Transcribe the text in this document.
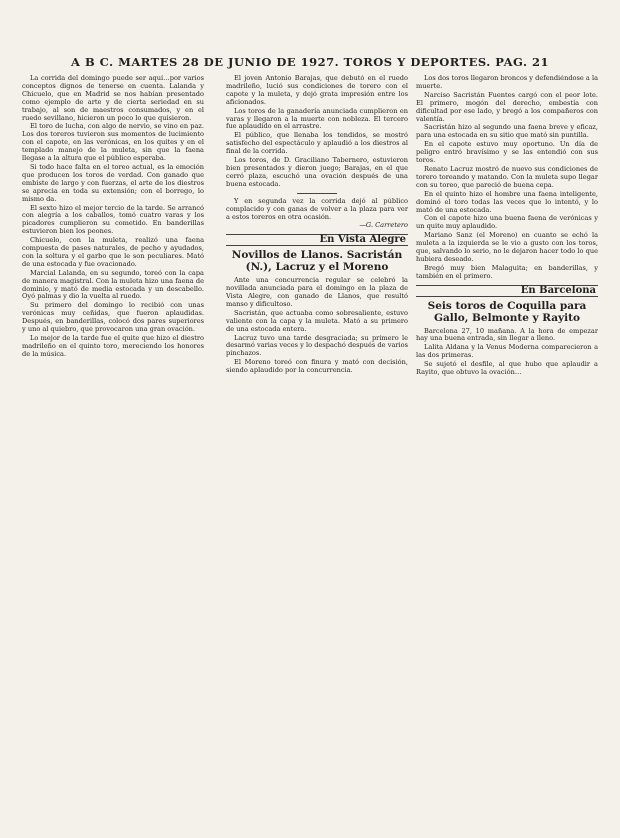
A B C. MARTES 28 DE JUNIO DE 1927. TOROS Y DEPORTES. PAG. 21

La corrida del domingo puede ser aquí…por varios conceptos dignos de tenerse en cuenta. Lalanda y Chicuelo, que en Madrid se nos habían presentado como ejemplo de arte y de cierta seriedad en su trabajo, al son de maestros consumados, y en el ruedo sevillano, hicieron un poco lo que quisieron.

El toro de lucha, con algo de nervio, se vino en paz. Los dos toreros tuvieron sus momentos de lucimiento con el capote, en las verónicas, en los quites y en el templado manejo de la muleta, sin que la faena llegase a la altura que el público esperaba.

Si todo hace falta en el toreo actual, es la emoción que producen los toros de verdad. Con ganado que embiste de largo y con fuerzas, el arte de los diestros se aprecia en toda su extensión; con el borrego, lo mismo da.

El sexto hizo el mejor tercio de la tarde. Se arrancó con alegría a los caballos, tomó cuatro varas y los picadores cumplieron su cometido. En banderillas estuvieron bien los peones.

Chicuelo, con la muleta, realizó una faena compuesta de pases naturales, de pecho y ayudados, con la soltura y el garbo que le son peculiares. Mató de una estocada y fue ovacionado.

Marcial Lalanda, en su segundo, toreó con la capa de manera magistral. Con la muleta hizo una faena de dominio, y mató de media estocada y un descabello. Oyó palmas y dio la vuelta al ruedo.

Su primero del domingo lo recibió con unas verónicas muy ceñidas, que fueron aplaudidas. Después, en banderillas, colocó dos pares superiores y uno al quiebro, que provocaron una gran ovación.

Lo mejor de la tarde fue el quite que hizo el diestro madrileño en el quinto toro, mereciendo los honores de la música.

El joven Antonio Barajas, que debutó en el ruedo madrileño, lució sus condiciones de torero con el capote y la muleta, y dejó grata impresión entre los aficionados.

Los toros de la ganadería anunciada cumplieron en varas y llegaron a la muerte con nobleza. El tercero fue aplaudido en el arrastre.

El público, que llenaba los tendidos, se mostró satisfecho del espectáculo y aplaudió a los diestros al final de la corrida.

Los toros, de D. Graciliano Tabernero, estuvieron bien presentados y dieron juego; Barajas, en el que cerró plaza, escuchó una ovación después de una buena estocada.

Y en segunda vez la corrida dejó al público complacido y con ganas de volver a la plaza para ver a estos toreros en otra ocasión.

—G. Carretero
En Vista Alegre
Novillos de Llanos. Sacristán (N.), Lacruz y el Moreno

Ante una concurrencia regular se celebró la novillada anunciada para el domingo en la plaza de Vista Alegre, con ganado de Llanos, que resultó manso y dificultoso.

Sacristán, que actuaba como sobresaliente, estuvo valiente con la capa y la muleta. Mató a su primero de una estocada entera.

Lacruz tuvo una tarde desgraciada; su primero le desarmó varias veces y lo despachó después de varios pinchazos.

El Moreno toreó con finura y mató con decisión, siendo aplaudido por la concurrencia.

Los dos toros llegaron broncos y defendiéndose a la muerte.

Narciso Sacristán Fuentes cargó con el peor lote. El primero, mogón del derecho, embestía con dificultad por ese lado, y bregó a los compañeros con valentía.

Sacristán hizo al segundo una faena breve y eficaz, para una estocada en su sitio que mató sin puntilla.

En el capote estuvo muy oportuno. Un día de peligro entró bravísimo y se las entendió con sus toros.

Renato Lacruz mostró de nuevo sus condiciones de torero toreando y matando. Con la muleta supo llegar con su toreo, que pareció de buena cepa.

En el quinto hizo el hombre una faena inteligente, dominó el toro todas las veces que lo intentó, y lo mató de una estocada.

Con el capote hizo una buena faena de verónicas y un quite muy aplaudido.

Mariano Sanz (el Moreno) en cuanto se echó la muleta a la izquierda se le vio a gusto con los toros, que, salvando lo serio, no le dejaron hacer todo lo que hubiera deseado.

Bregó muy bien Malaguita; en banderillas, y también en el primero.

En Barcelona
Seis toros de Coquilla para Gallo, Belmonte y Rayito

Barcelona 27, 10 mañana. A la hora de empezar hay una buena entrada, sin llegar a lleno.

Lalita Aldana y la Venus Moderna comparecieron a las dos primeras.

Se sujetó el desfile, al que hubo que aplaudir a Rayito, que obtuvo la ovación…
